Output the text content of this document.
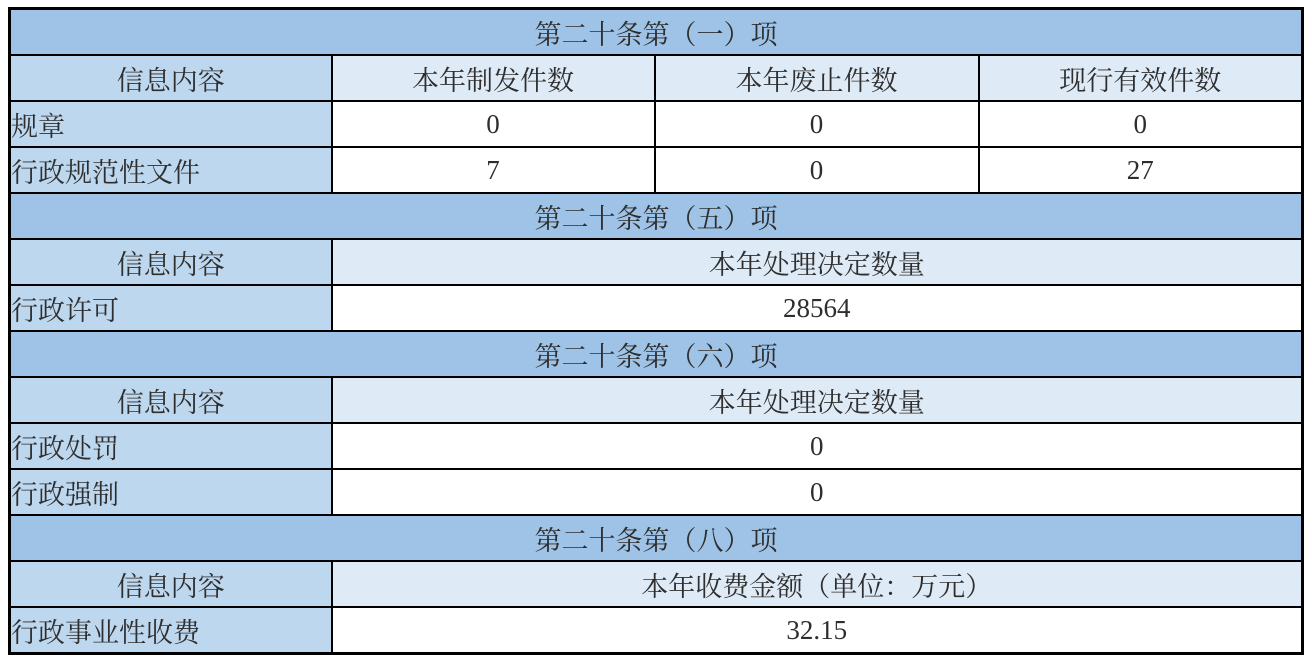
第二十条第（一）项			
信息内容	本年制发件数	本年废止件数	现行有效件数
规章	0	0	0
行政规范性文件	7	0	27
第二十条第（五）项			
信息内容	本年处理决定数量		
行政许可	28564		
第二十条第（六）项			
信息内容	本年处理决定数量		
行政处罚	0		
行政强制	0		
第二十条第（八）项			
信息内容	本年收费金额（单位：万元）		
行政事业性收费	32.15		
